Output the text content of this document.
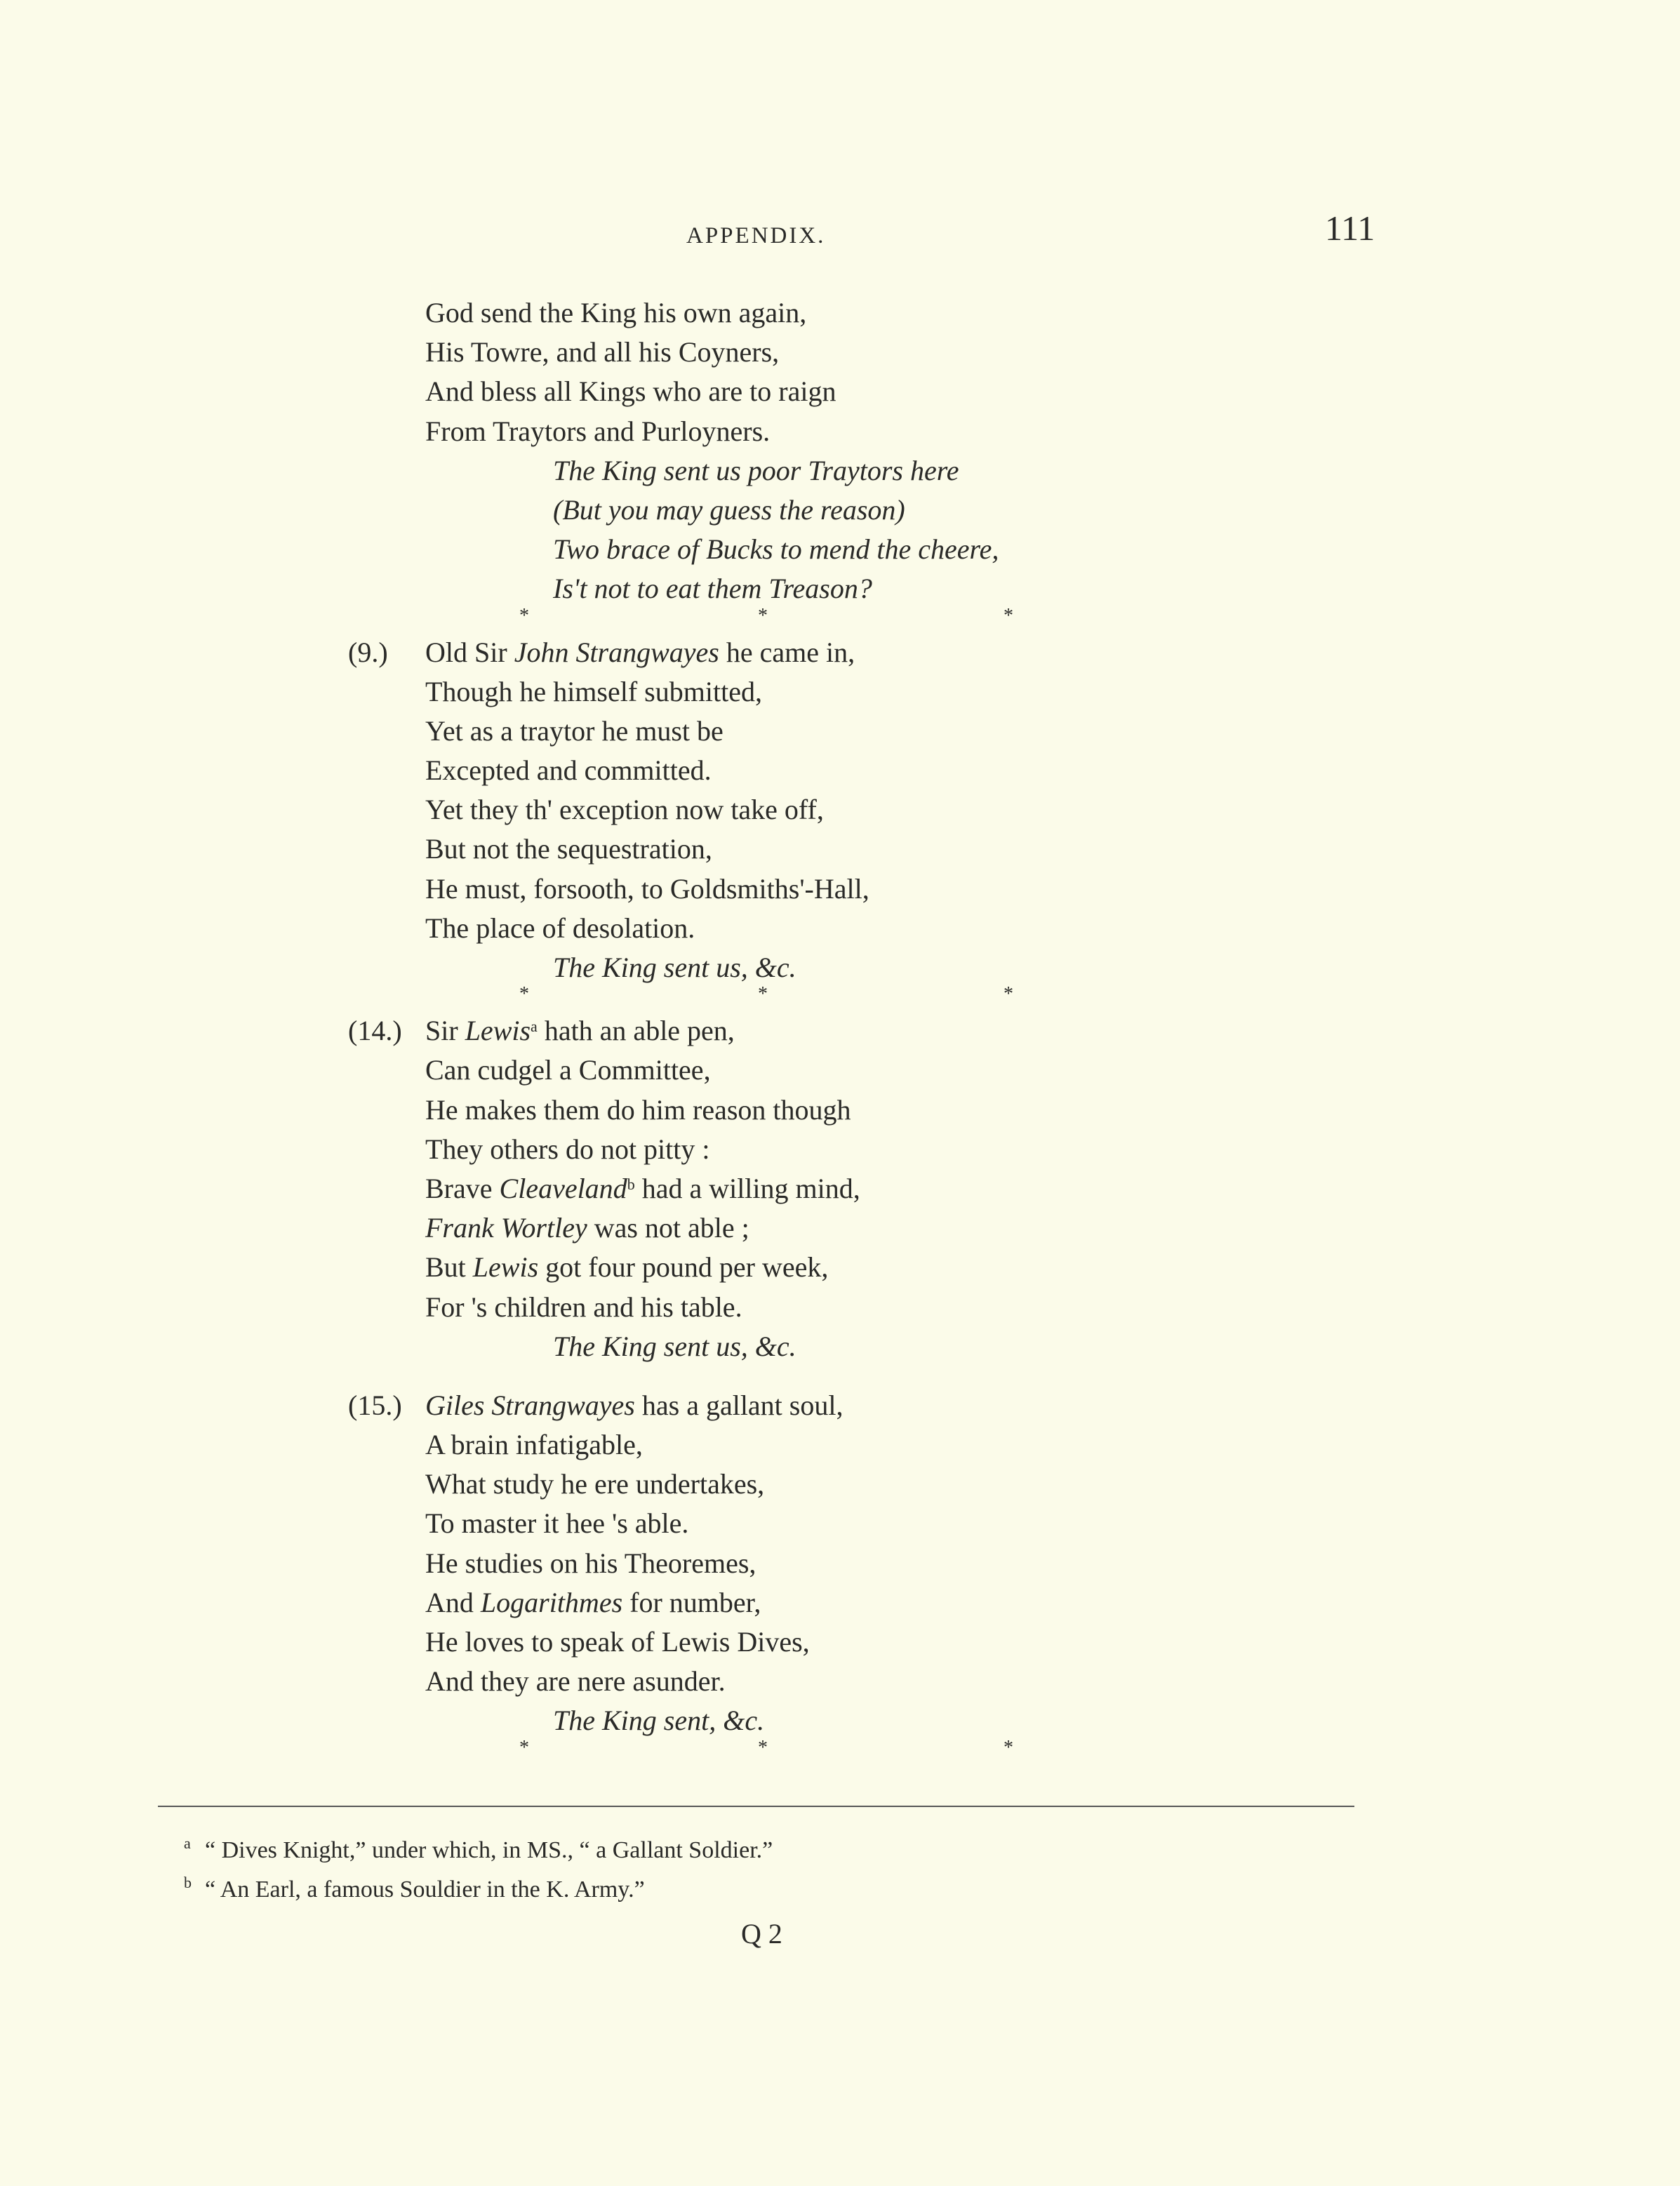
APPENDIX.	111
God send the King his own again,
His Towre, and all his Coyners,
And bless all Kings who are to raign
From Traytors and Purloyners.
The King sent us poor Traytors here
(But you may guess the reason)
Two brace of Bucks to mend the cheere,
Is't not to eat them Treason?
*	*	*
(9.) Old Sir John Strangwayes he came in,
Though he himself submitted,
Yet as a traytor he must be
Excepted and committed.
Yet they th' exception now take off,
But not the sequestration,
He must, forsooth, to Goldsmiths'-Hall,
The place of desolation.
The King sent us, &c.
*	*	*
(14.) Sir Lewis$^a$ hath an able pen,
Can cudgel a Committee,
He makes them do him reason though
They others do not pitty :
Brave Cleaveland$^b$ had a willing mind,
Frank Wortley was not able ;
But Lewis got four pound per week,
For 's children and his table.
The King sent us, &c.
(15.) Giles Strangwayes has a gallant soul,
A brain infatigable,
What study he ere undertakes,
To master it hee 's able.
He studies on his Theoremes,
And Logarithmes for number,
He loves to speak of Lewis Dives,
And they are nere asunder.
The King sent, &c.
*	*	*
a “ Dives Knight,” under which, in MS., “ a Gallant Soldier.”
b “ An Earl, a famous Souldier in the K. Army.”
Q 2
